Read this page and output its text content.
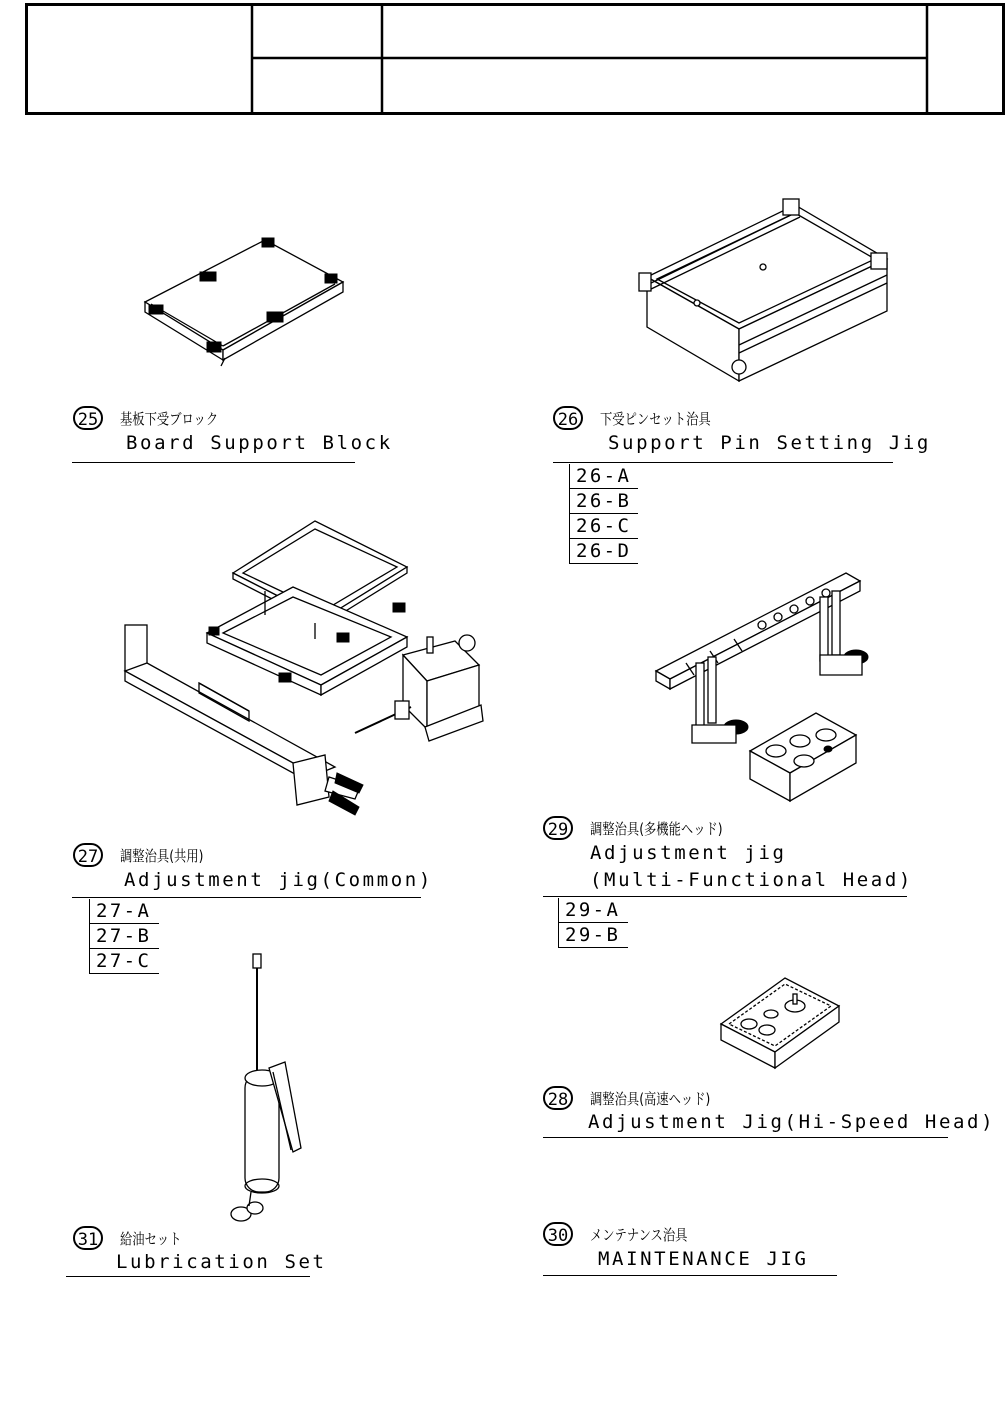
25	基板下受ブロック
Board Support Block
26	下受ピンセット治具
Support Pin Setting Jig
26-A
26-B
26-C
26-D
27	調整治具(共用)
Adjustment jig(Common)
27-A
27-B
27-C
29	調整治具(多機能ヘッド)
Adjustment jig
(Multi-Functional Head)
29-A
29-B
28	調整治具(高速ヘッド)
Adjustment Jig(Hi-Speed Head)
31	給油セット
Lubrication Set
30	メンテナンス治具
MAINTENANCE JIG
